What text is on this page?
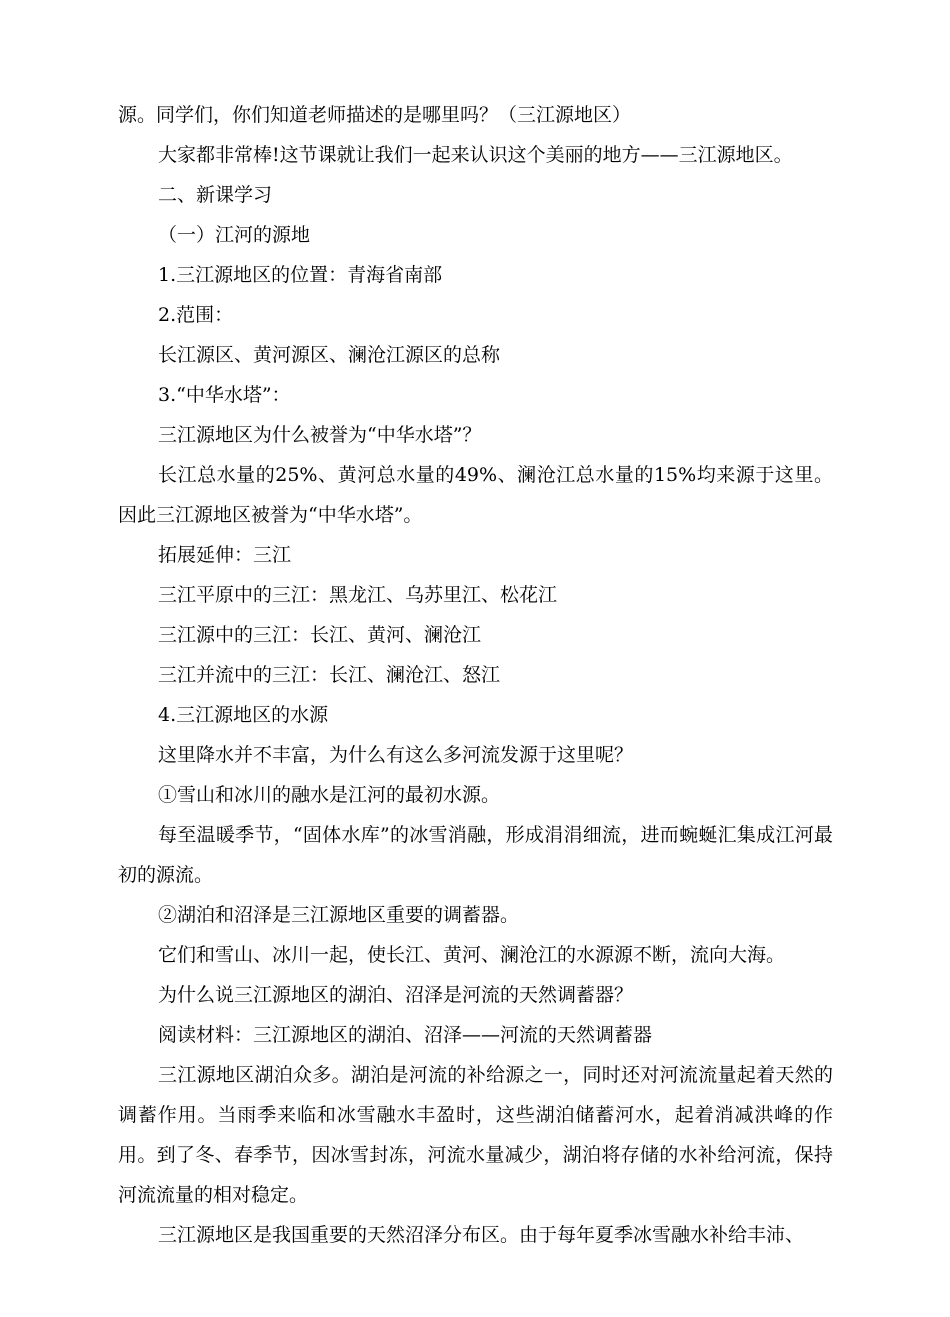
源。同学们，你们知道老师描述的是哪里吗？（三江源地区）

大家都非常棒!这节课就让我们一起来认识这个美丽的地方——三江源地区。

二、新课学习

（一）江河的源地

1.三江源地区的位置：青海省南部

2.范围：

长江源区、黄河源区、澜沧江源区的总称

3.“中华水塔”：

三江源地区为什么被誉为“中华水塔”？

长江总水量的25%、黄河总水量的49%、澜沧江总水量的15%均来源于这里。因此三江源地区被誉为“中华水塔”。

拓展延伸：三江

三江平原中的三江：黑龙江、乌苏里江、松花江

三江源中的三江：长江、黄河、澜沧江

三江并流中的三江：长江、澜沧江、怒江

4.三江源地区的水源

这里降水并不丰富，为什么有这么多河流发源于这里呢？

①雪山和冰川的融水是江河的最初水源。

每至温暖季节，“固体水库”的冰雪消融，形成涓涓细流，进而蜿蜒汇集成江河最初的源流。

②湖泊和沼泽是三江源地区重要的调蓄器。

它们和雪山、冰川一起，使长江、黄河、澜沧江的水源源不断，流向大海。

为什么说三江源地区的湖泊、沼泽是河流的天然调蓄器？

阅读材料：三江源地区的湖泊、沼泽——河流的天然调蓄器

三江源地区湖泊众多。湖泊是河流的补给源之一，同时还对河流流量起着天然的调蓄作用。当雨季来临和冰雪融水丰盈时，这些湖泊储蓄河水，起着消减洪峰的作用。到了冬、春季节，因冰雪封冻，河流水量减少，湖泊将存储的水补给河流，保持河流流量的相对稳定。

三江源地区是我国重要的天然沼泽分布区。由于每年夏季冰雪融水补给丰沛、
